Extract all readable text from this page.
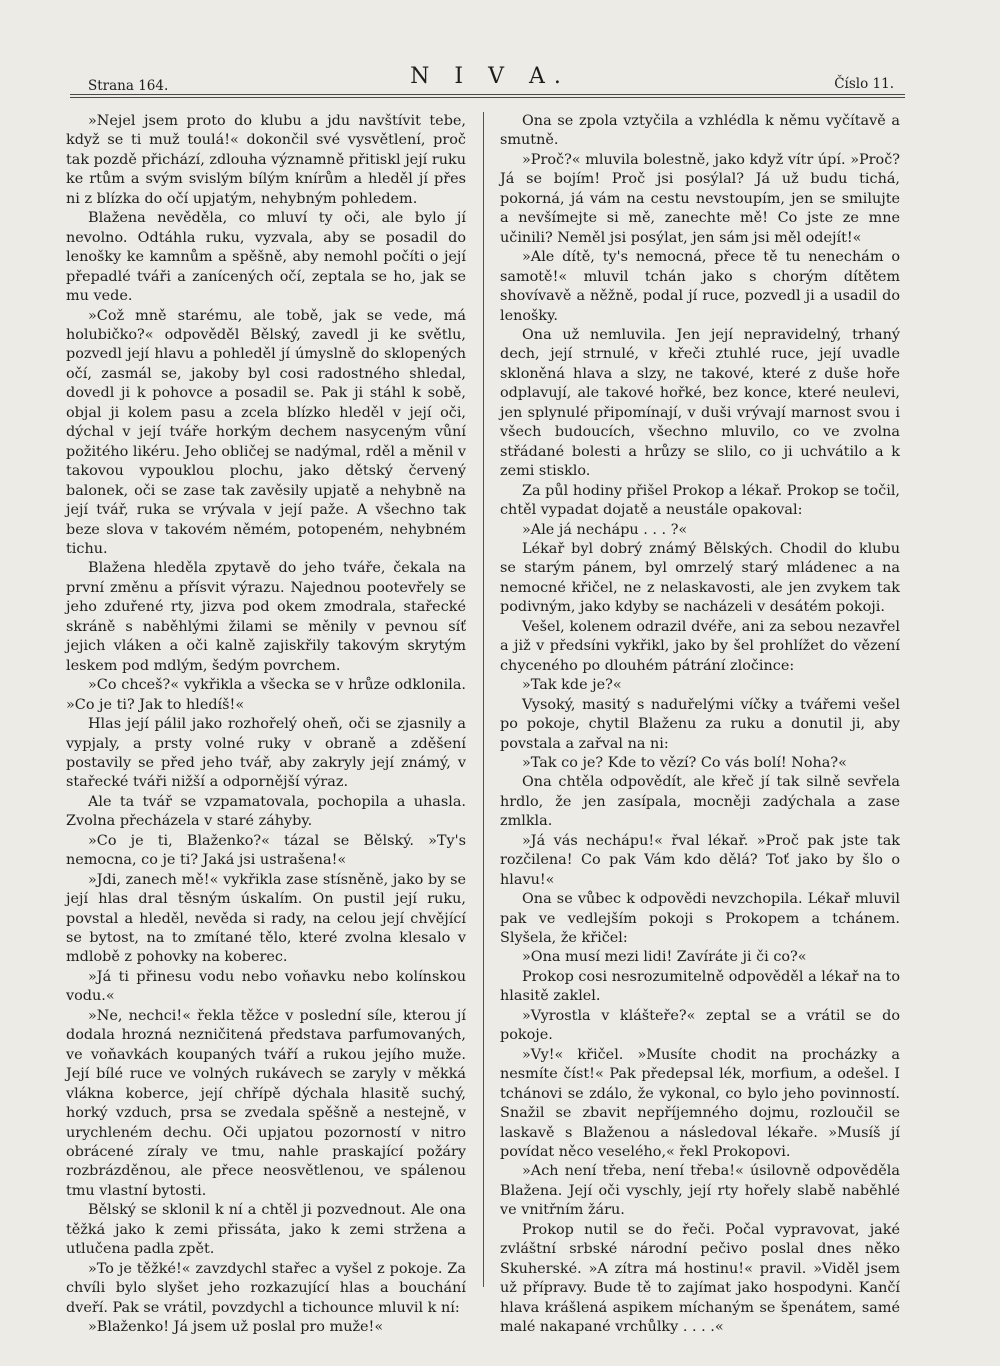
Strana 164.	N I V A.	Číslo 11.

»Nejel jsem proto do klubu a jdu navštívit tebe, když se ti muž toulá!« dokončil své vysvětlení, proč tak pozdě přichází, zdlouha významně přitiskl její ruku ke rtům a svým svislým bílým knírům a hleděl jí přes ni z blízka do očí upjatým, nehybným pohledem.

Blažena nevěděla, co mluví ty oči, ale bylo jí nevolno. Odtáhla ruku, vyzvala, aby se posadil do lenošky ke kamnům a spěšně, aby nemohl počíti o její přepadlé tváři a zanícených očí, zeptala se ho, jak se mu vede.

»Což mně starému, ale tobě, jak se vede, má holubičko?« odpověděl Bělský, zavedl ji ke světlu, pozvedl její hlavu a pohleděl jí úmyslně do sklopených očí, zasmál se, jakoby byl cosi radostného shledal, dovedl ji k pohovce a posadil se. Pak ji stáhl k sobě, objal ji kolem pasu a zcela blízko hleděl v její oči, dýchal v její tváře horkým dechem nasyceným vůní požitého likéru. Jeho obličej se nadýmal, rděl a měnil v takovou vypouklou plochu, jako dětský červený balonek, oči se zase tak zavěsily upjatě a nehybně na její tvář, ruka se vrývala v její paže. A všechno tak beze slova v takovém němém, potopeném, nehybném tichu.

Blažena hleděla zpytavě do jeho tváře, čekala na první změnu a přísvit výrazu. Najednou pootevřely se jeho zduřené rty, jizva pod okem zmodrala, stařecké skráně s naběhlými žilami se měnily v pevnou síť jejich vláken a oči kalně zajiskřily takovým skrytým leskem pod mdlým, šedým povrchem.

»Co chceš?« vykřikla a všecka se v hrůze odklonila. »Co je ti? Jak to hledíš!«

Hlas její pálil jako rozhořelý oheň, oči se zjasnily a vypjaly, a prsty volné ruky v obraně a zděšení postavily se před jeho tvář, aby zakryly její známý, v stařecké tváři nižší a odpornější výraz.

Ale ta tvář se vzpamatovala, pochopila a uhasla. Zvolna přecházela v staré záhyby.

»Co je ti, Blaženko?« tázal se Bělský. »Ty's nemocna, co je ti? Jaká jsi ustrašena!«

»Jdi, zanech mě!« vykřikla zase stísněně, jako by se její hlas dral těsným úskalím. On pustil její ruku, povstal a hleděl, nevěda si rady, na celou její chvějící se bytost, na to zmítané tělo, které zvolna klesalo v mdlobě z pohovky na koberec.

»Já ti přinesu vodu nebo voňavku nebo kolínskou vodu.«

»Ne, nechci!« řekla těžce v poslední síle, kterou jí dodala hrozná nezničitená představa parfumovaných, ve voňavkách koupaných tváří a rukou jejího muže. Její bílé ruce ve volných rukávech se zaryly v měkká vlákna koberce, její chřípě dýchala hlasitě suchý, horký vzduch, prsa se zvedala spěšně a nestejně, v urychleném dechu. Oči upjatou pozorností v nitro obrácené zíraly ve tmu, nahle praskající požáry rozbrázděnou, ale přece neosvětlenou, ve spálenou tmu vlastní bytosti.

Bělský se sklonil k ní a chtěl ji pozvednout. Ale ona těžká jako k zemi přissáta, jako k zemi stržena a utlučena padla zpět.

»To je těžké!« zavzdychl stařec a vyšel z pokoje. Za chvíli bylo slyšet jeho rozkazující hlas a bouchání dveří. Pak se vrátil, povzdychl a tichounce mluvil k ní:

»Blaženko! Já jsem už poslal pro muže!«

Ona se zpola vztyčila a vzhlédla k němu vyčítavě a smutně.

»Proč?« mluvila bolestně, jako když vítr úpí. »Proč? Já se bojím! Proč jsi posýlal? Já už budu tichá, pokorná, já vám na cestu nevstoupím, jen se smilujte a nevšímejte si mě, zanechte mě! Co jste ze mne učinili? Neměl jsi posýlat, jen sám jsi měl odejít!«

»Ale dítě, ty's nemocná, přece tě tu nenechám o samotě!« mluvil tchán jako s chorým dítětem shovívavě a něžně, podal jí ruce, pozvedl ji a usadil do lenošky.

Ona už nemluvila. Jen její nepravidelný, trhaný dech, její strnulé, v křeči ztuhlé ruce, její uvadle skloněná hlava a slzy, ne takové, které z duše hoře odplavují, ale takové hořké, bez konce, které neulevi, jen splynulé připomínají, v duši vrývají marnost svou i všech budoucích, všechno mluvilo, co ve zvolna střádané bolesti a hrůzy se slilo, co ji uchvátilo a k zemi stisklo.

Za půl hodiny přišel Prokop a lékař. Prokop se točil, chtěl vypadat dojatě a neustále opakoval:

»Ale já nechápu . . . ?«

Lékař byl dobrý známý Bělských. Chodil do klubu se starým pánem, byl omrzelý starý mládenec a na nemocné křičel, ne z nelaskavosti, ale jen zvykem tak podivným, jako kdyby se nacházeli v desátém pokoji.

Vešel, kolenem odrazil dvéře, ani za sebou nezavřel a již v předsíni vykřikl, jako by šel prohlížet do vězení chyceného po dlouhém pátrání zločince:

»Tak kde je?«

Vysoký, masitý s naduřelými víčky a tvářemi vešel po pokoje, chytil Blaženu za ruku a donutil ji, aby povstala a zařval na ni:

»Tak co je? Kde to vězí? Co vás bolí! Noha?«

Ona chtěla odpovědít, ale křeč jí tak silně sevřela hrdlo, že jen zasípala, mocněji zadýchala a zase zmlkla.

»Já vás nechápu!« řval lékař. »Proč pak jste tak rozčilena! Co pak Vám kdo dělá? Toť jako by šlo o hlavu!«

Ona se vůbec k odpovědi nevzchopila. Lékař mluvil pak ve vedlejším pokoji s Prokopem a tchánem. Slyšela, že křičel:

»Ona musí mezi lidi! Zavíráte ji či co?«

Prokop cosi nesrozumitelně odpověděl a lékař na to hlasitě zaklel.

»Vyrostla v klášteře?« zeptal se a vrátil se do pokoje.

»Vy!« křičel. »Musíte chodit na procházky a nesmíte číst!« Pak předepsal lék, morfium, a odešel. I tchánovi se zdálo, že vykonal, co bylo jeho povinností. Snažil se zbavit nepříjemného dojmu, rozloučil se laskavě s Blaženou a následoval lékaře. »Musíš jí povídat něco veselého,« řekl Prokopovi.

»Ach není třeba, není třeba!« úsilovně odpověděla Blažena. Její oči vyschly, její rty hořely slabě naběhlé ve vnitřním žáru.

Prokop nutil se do řeči. Počal vypravovat, jaké zvláštní srbské národní pečivo poslal dnes něko Skuherské. »A zítra má hostinu!« pravil. »Viděl jsem už přípravy. Bude tě to zajímat jako hospodyni. Kančí hlava krášlená aspikem míchaným se špenátem, samé malé nakapané vrchůlky . . . .«
